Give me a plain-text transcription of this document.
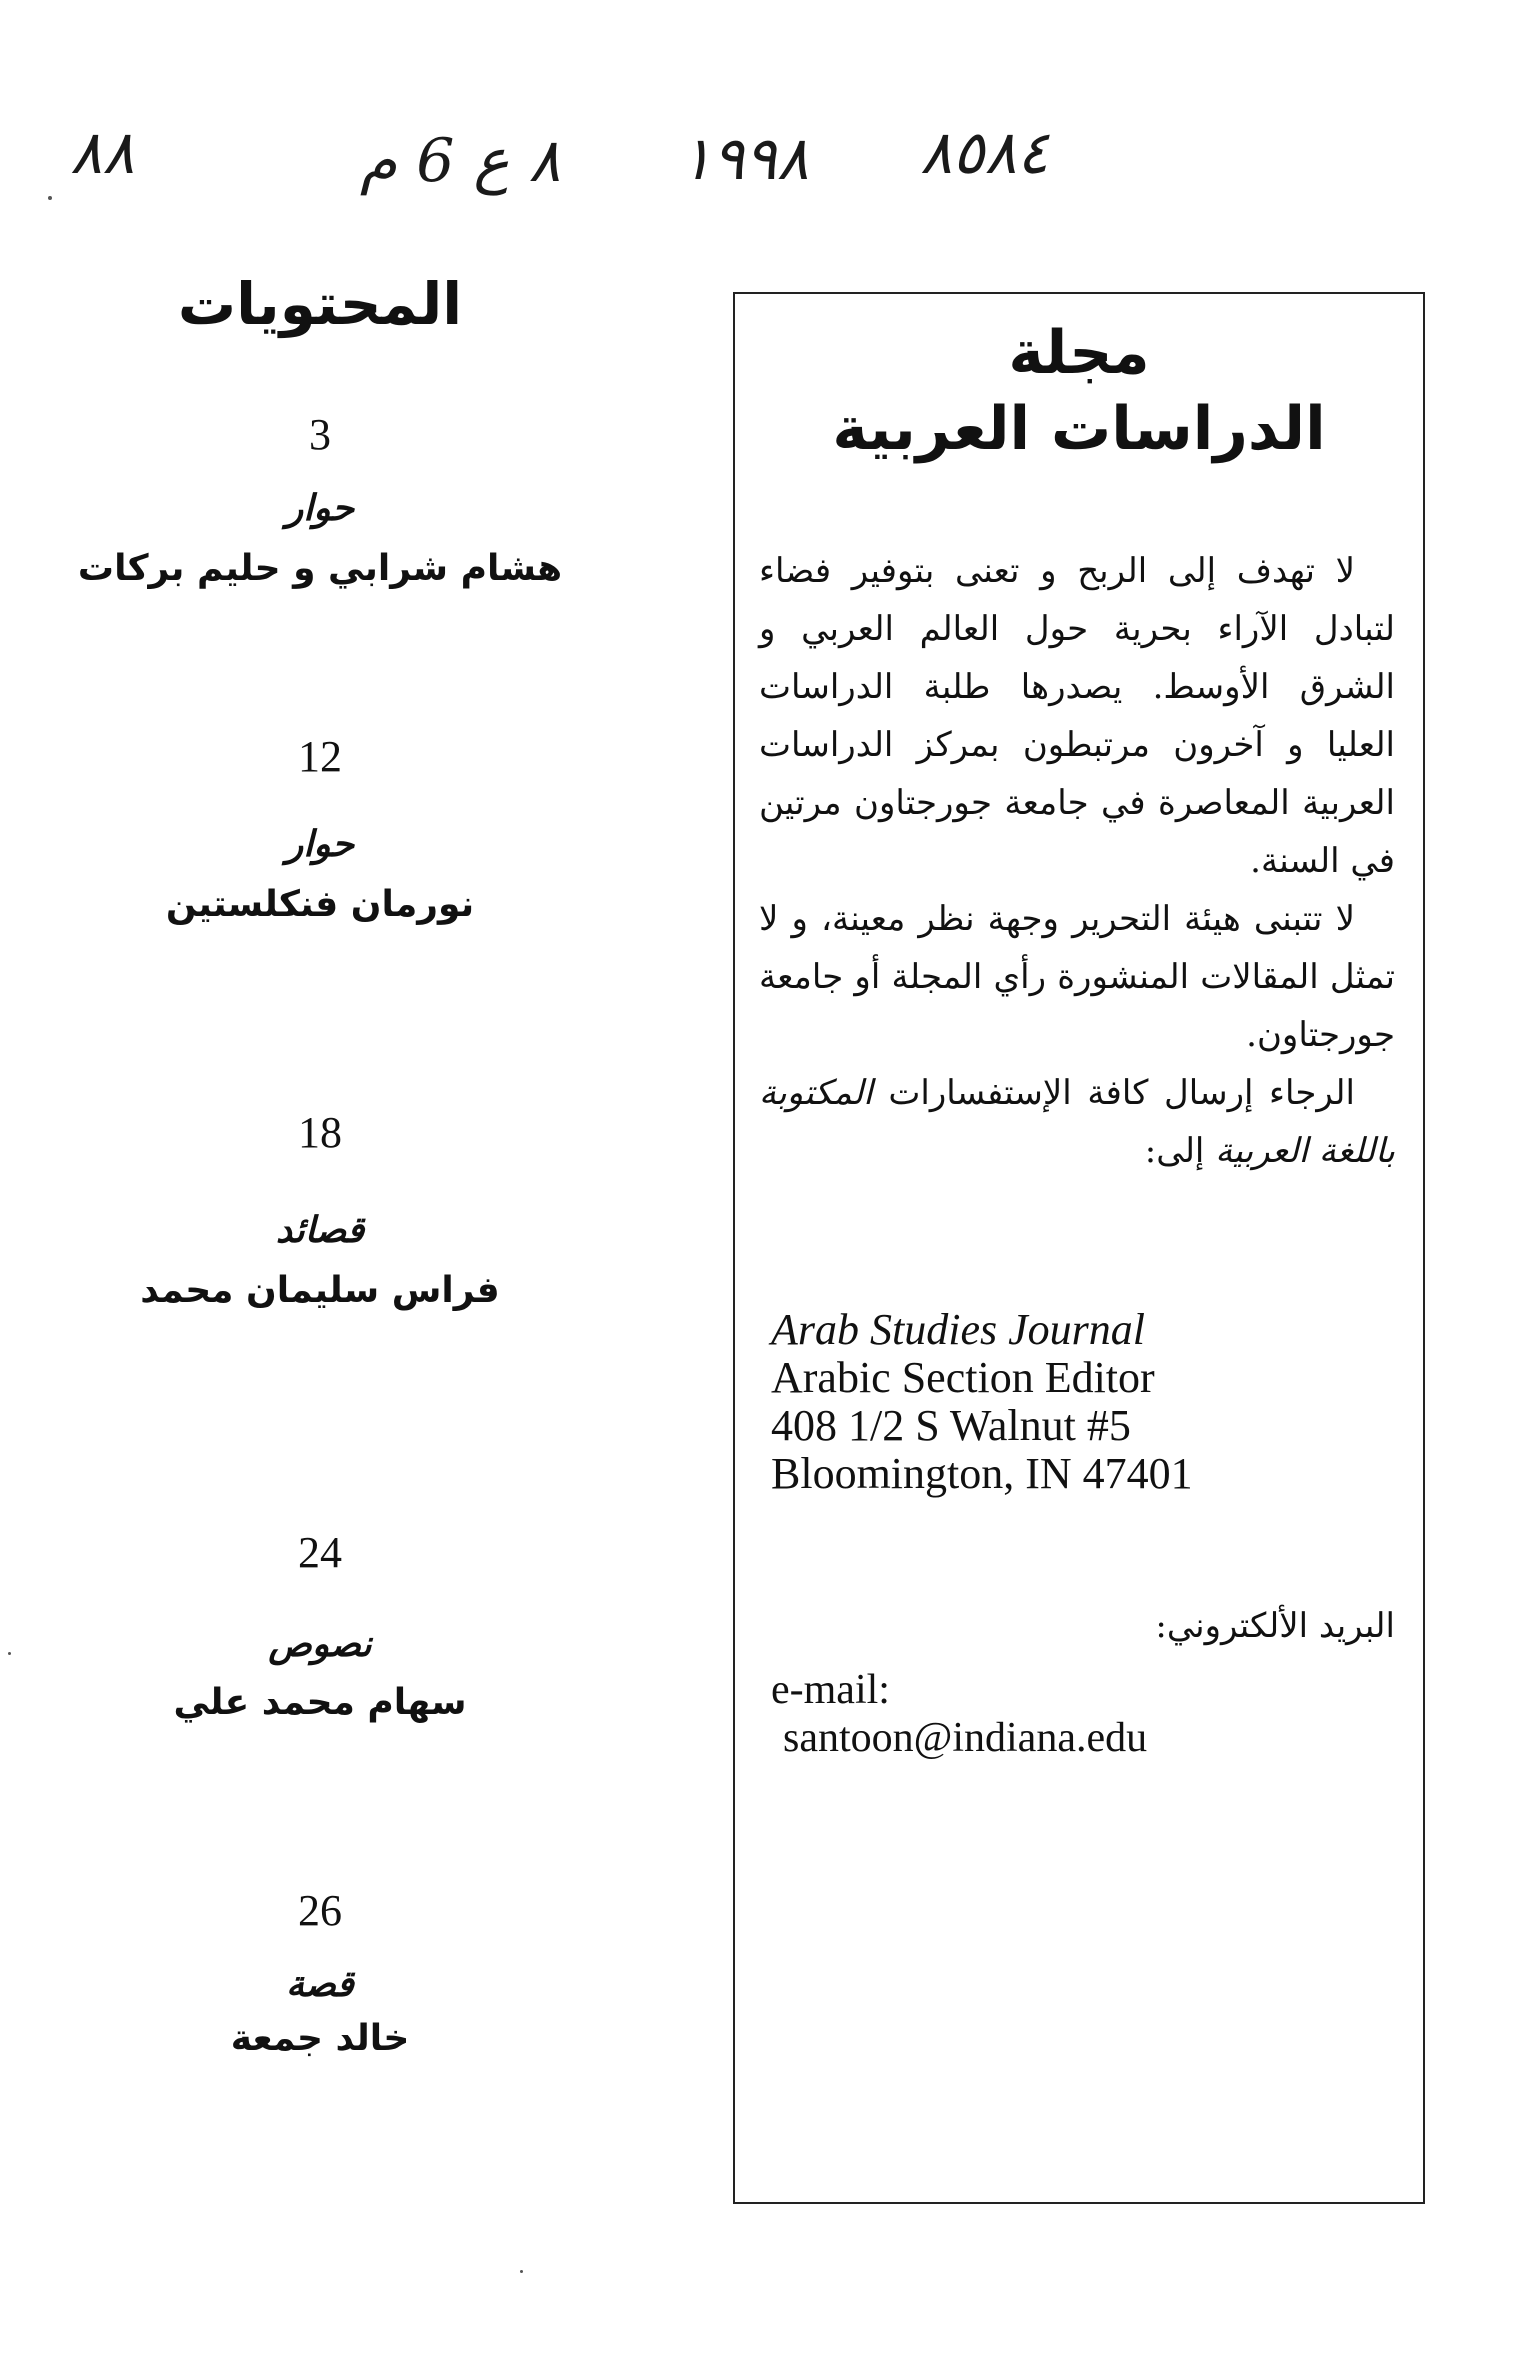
٨٥٨٤
١٩٩٨
٨ ع 6 م
٨٨
المحتويات
3
حوار
هشام شرابي و حليم بركات
12
حوار
نورمان فنكلستين
18
قصائد
فراس سليمان محمد
24
نصوص
سهام محمد علي
26
قصة
خالد جمعة
مجلة
الدراسات العربية

لا تهدف إلى الربح و تعنى بتوفير فضاء لتبادل الآراء بحرية حول العالم العربي و الشرق الأوسط. يصدرها طلبة الدراسات العليا و آخرون مرتبطون بمركز الدراسات العربية المعاصرة في جامعة جورجتاون مرتين في السنة.

لا تتبنى هيئة التحرير وجهة نظر معينة، و لا تمثل المقالات المنشورة رأي المجلة أو جامعة جورجتاون.

الرجاء إرسال كافة الإستفسارات المكتوبة باللغة العربية إلى:

Arab Studies Journal
Arabic Section Editor
408 1/2 S Walnut #5
Bloomington, IN 47401
البريد الألكتروني:
e-mail:
santoon@indiana.edu
